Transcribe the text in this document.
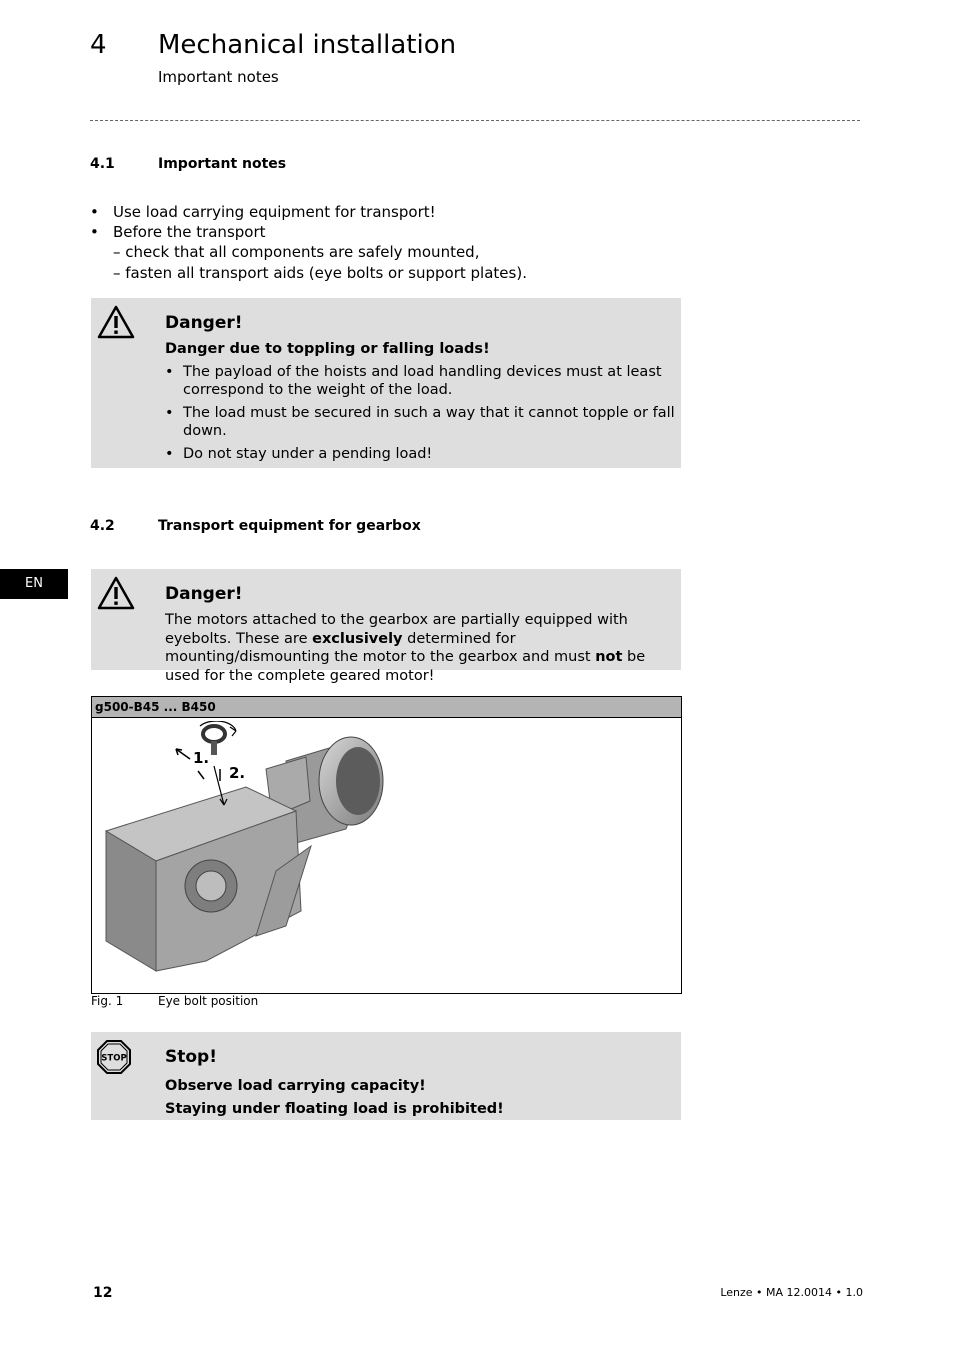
4 Mechanical installation
Important notes
4.1	Important notes
• Use load carrying equipment for transport!
• Before the transport
– check that all components are safely mounted,
– fasten all transport aids (eye bolts or support plates).
Danger!
Danger due to toppling or falling loads!
• The payload of the hoists and load handling devices must at least correspond to the weight of the load.
• The load must be secured in such a way that it cannot topple or fall down.
• Do not stay under a pending load!
4.2	Transport equipment for gearbox
EN
Danger!
The motors attached to the gearbox are partially equipped with eyebolts. These are exclusively determined for mounting/dismounting the motor to the gearbox and must not be used for the complete geared motor!
g500-B45 ... B450
1.
2.
Fig. 1	Eye bolt position
STOP Stop!
Observe load carrying capacity!
Staying under floating load is prohibited!
12	Lenze • MA 12.0014 • 1.0
